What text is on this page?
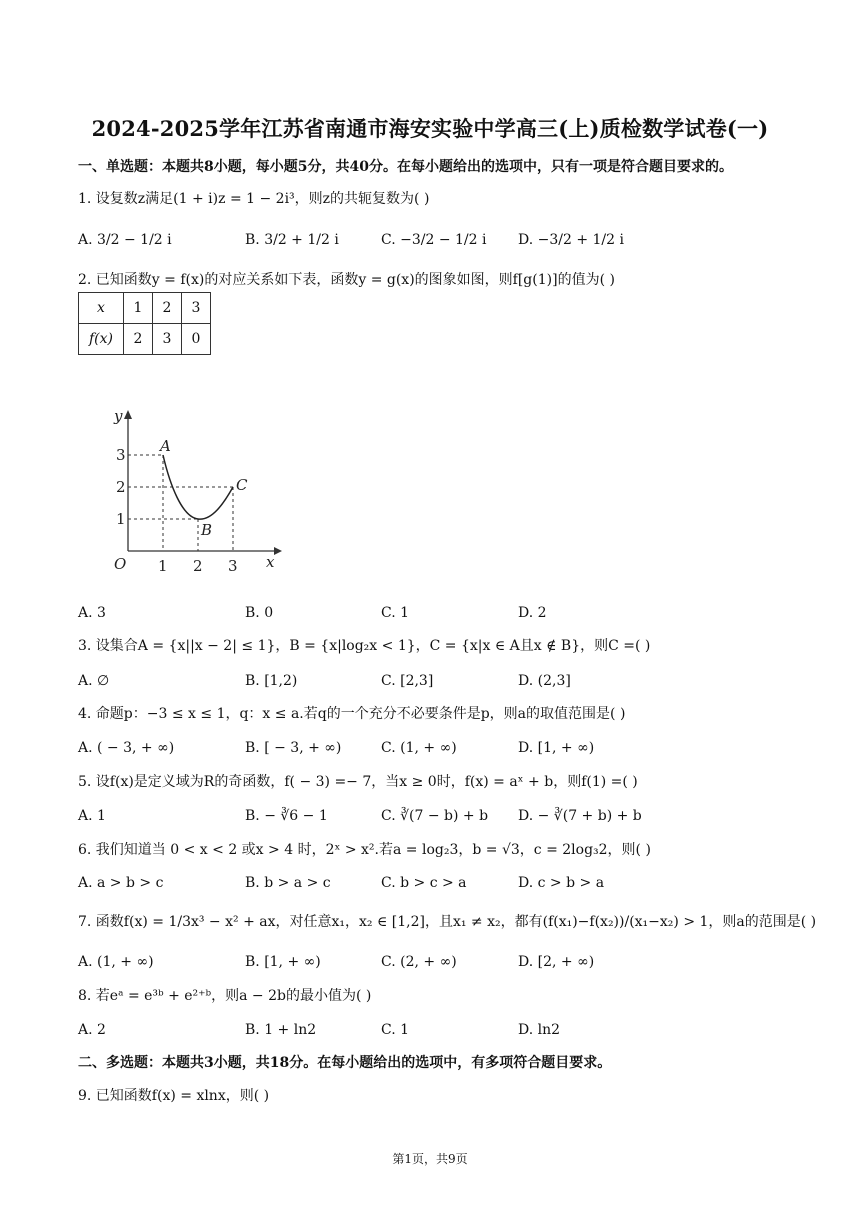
2024-2025学年江苏省南通市海安实验中学高三(上)质检数学试卷(一)
一、单选题：本题共8小题，每小题5分，共40分。在每小题给出的选项中，只有一项是符合题目要求的。
1. 设复数z满足(1 + i)z = 1 − 2i³，则z的共轭复数为( )
A. 3/2 − 1/2 i	B. 3/2 + 1/2 i	C. −3/2 − 1/2 i D. −3/2 + 1/2 i
2. 已知函数y = f(x)的对应关系如下表，函数y = g(x)的图象如图，则f[g(1)]的值为( )
x	1	2	3
f(x)	2	3	0
y
x
O 1 2 3
1
2
3 A
B
C
A. 3	B. 0	C. 1	D. 2
3. 设集合A = {x||x − 2| ≤ 1}，B = {x|log₂x < 1}，C = {x|x ∈ A且x ∉ B}，则C =( )
A. ∅	B. [1,2)	C. [2,3]	D. (2,3]
4. 命题p：−3 ≤ x ≤ 1，q：x ≤ a.若q的一个充分不必要条件是p，则a的取值范围是( )
A. ( − 3, + ∞)	B. [ − 3, + ∞)	C. (1, + ∞)	D. [1, + ∞)
5. 设f(x)是定义域为R的奇函数，f( − 3) =− 7，当x ≥ 0时，f(x) = aˣ + b，则f(1) =( )
A. 1	B. − ∛6 − 1	C. ∛(7 − b) + b D. − ∛(7 + b) + b
6. 我们知道当 0 < x < 2 或x > 4 时，2ˣ > x².若a = log₂3，b = √3，c = 2log₃2，则( )
A. a > b > c	B. b > a > c	C. b > c > a	D. c > b > a
7. 函数f(x) = 1/3x³ − x² + ax，对任意x₁，x₂ ∈ [1,2]，且x₁ ≠ x₂，都有(f(x₁)−f(x₂))/(x₁−x₂) > 1，则a的范围是( )
A. (1, + ∞)	B. [1, + ∞)	C. (2, + ∞)	D. [2, + ∞)
8. 若eᵃ = e³ᵇ + e²⁺ᵇ，则a − 2b的最小值为( )
A. 2	B. 1 + ln2	C. 1	D. ln2
二、多选题：本题共3小题，共18分。在每小题给出的选项中，有多项符合题目要求。
9. 已知函数f(x) = xlnx，则( )
第1页，共9页
